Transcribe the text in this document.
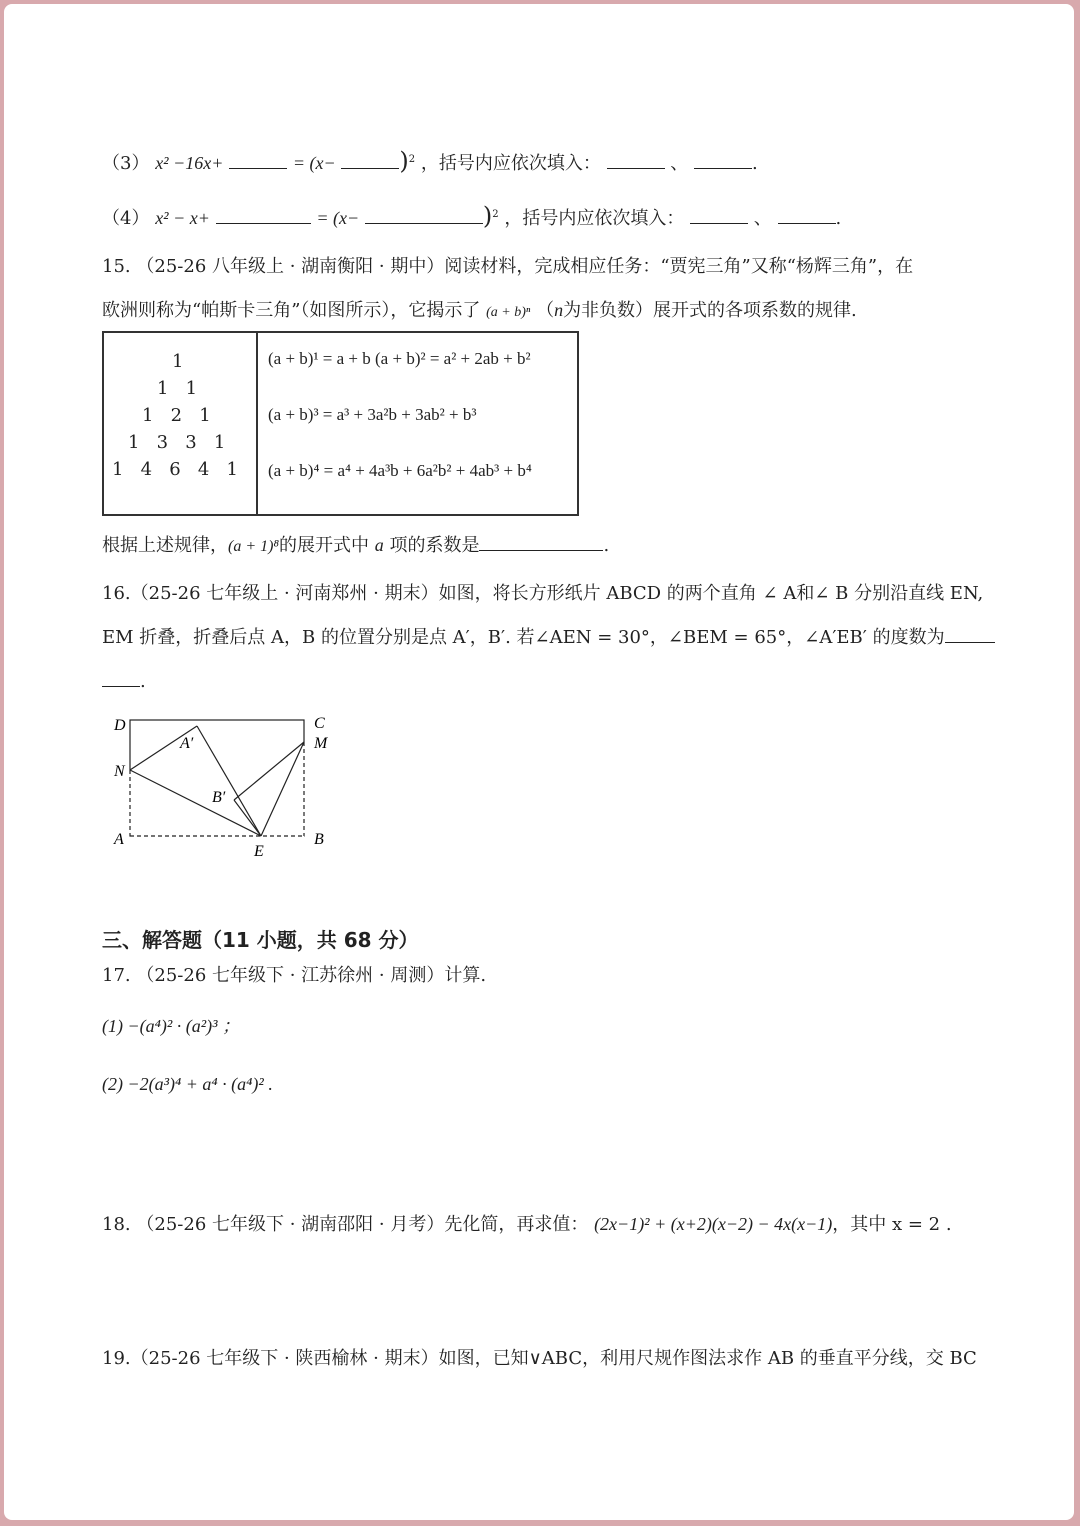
（3） x² −16x+	= (x−	)$^2$ ，括号内应依次填入：	、	.
（4） x² − x+	= (x−	)$^2$ ，括号内应依次填入：	、	.
15. （25-26 八年级上 · 湖南衡阳 · 期中）阅读材料，完成相应任务：“贾宪三角”又称“杨辉三角”，在
欧洲则称为“帕斯卡三角”（如图所示），它揭示了 (a + b)ⁿ （n为非负数）展开式的各项系数的规律.
1
1   1
1   2   1
1   3   3   1
1   4   6   4   1
(a + b)¹ = a + b (a + b)² = a² + 2ab + b²
(a + b)³ = a³ + 3a²b + 3ab² + b³
(a + b)⁴ = a⁴ + 4a³b + 6a²b² + 4ab³ + b⁴
根据上述规律，(a + 1)⁸的展开式中 a 项的系数是	.
16.（25-26 七年级上 · 河南郑州 · 期末）如图，将长方形纸片 ABCD 的两个直角 ∠ A和∠ B 分别沿直线 EN,
EM 折叠，折叠后点 A，B 的位置分别是点 A′，B′. 若∠AEN = 30°，∠BEM = 65°，∠A′EB′ 的度数为
.
D	C
M
N
A′
B′
A	B
E
三、解答题（11 小题，共 68 分）
17. （25-26 七年级下 · 江苏徐州 · 周测）计算.
(1) −(a⁴)² · (a²)³ ；
(2) −2(a³)⁴ + a⁴ · (a⁴)² .
18. （25-26 七年级下 · 湖南邵阳 · 月考）先化简，再求值： (2x−1)² + (x+2)(x−2) − 4x(x−1)，其中 x = 2 .
19.（25-26 七年级下 · 陕西榆林 · 期末）如图，已知∨ABC，利用尺规作图法求作 AB 的垂直平分线，交 BC
